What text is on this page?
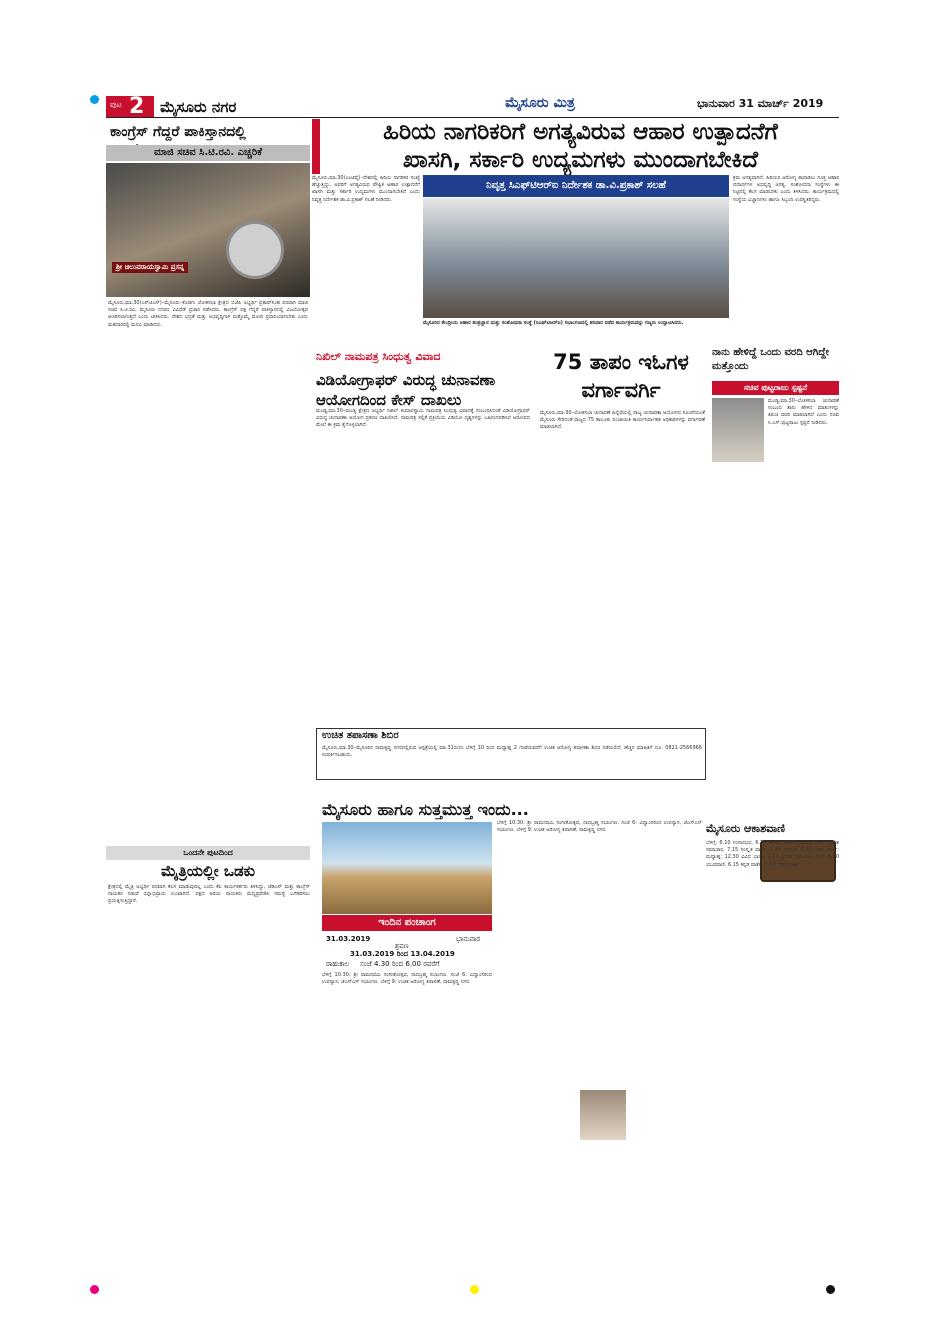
ಪುಟ 2 ಮೈಸೂರು ನಗರ	ಮೈಸೂರು ಮಿತ್ರ	ಭಾನುವಾರ 31 ಮಾರ್ಚ್ 2019
ಕಾಂಗ್ರೆಸ್ ಗೆದ್ದರೆ ಪಾಕಿಸ್ತಾನದಲ್ಲಿ
ಮಾಜಿ ಸಚಿವ ಸಿ.ಟಿ.ರವಿ. ಎಚ್ಚರಿಕೆ
ಶ್ರೀ ಚಿಲುವರಾಯಸ್ವಾಮಿ ಪ್ರಸನ್ನ
ಮೈಸೂರು,ಮಾ.30(ಎಸ್‌ಟಿಎಸ್)–ಮೈಸೂರು–ಕೊಡಗು ಲೋಕಸಭಾ ಕ್ಷೇತ್ರದ ಬಿಜೆಪಿ ಅಭ್ಯರ್ಥಿ ಪ್ರತಾಪ್‌ಸಿಂಹ ಪರವಾಗಿ ಮಾಜಿ ಸಚಿವ ಸಿ.ಟಿ.ರವಿ, ಮೈಸೂರು ನಗರದ ವಿವಿಧೆಡೆ ಪ್ರಚಾರ ನಡೆಸಿದರು. ಕಾಂಗ್ರೆಸ್ ಪಕ್ಷ ಗೆದ್ದರೆ ಪಾಕಿಸ್ತಾನದಲ್ಲಿ ವಿಜಯೋತ್ಸವ ಆಚರಿಸಲಾಗುತ್ತದೆ ಎಂದು ಟೀಕಿಸಿದರು. ದೇಶದ ಭದ್ರತೆ ಮತ್ತು ಅಭಿವೃದ್ಧಿಗಾಗಿ ಮತ್ತೊಮ್ಮೆ ಮೋದಿ ಪ್ರಧಾನಿಯಾಗಬೇಕು ಎಂದು ಮತದಾರರಲ್ಲಿ ಮನವಿ ಮಾಡಿದರು.
ಹಿರಿಯ ನಾಗರಿಕರಿಗೆ ಅಗತ್ಯವಿರುವ ಆಹಾರ ಉತ್ಪಾದನೆಗೆ
ಖಾಸಗಿ, ಸರ್ಕಾರಿ ಉದ್ಯಮಗಳು ಮುಂದಾಗಬೇಕಿದೆ
ಮೈಸೂರು,ಮಾ.30(ಎಂಟಿವೈ)–ದೇಶದಲ್ಲಿ ಹಿರಿಯ ನಾಗರಿಕರ ಸಂಖ್ಯೆ ಹೆಚ್ಚುತ್ತಿದ್ದು, ಅವರಿಗೆ ಅಗತ್ಯವಿರುವ ಪೌಷ್ಟಿಕ ಆಹಾರ ಉತ್ಪಾದನೆಗೆ ಖಾಸಗಿ ಮತ್ತು ಸರ್ಕಾರಿ ಉದ್ಯಮಗಳು ಮುಂದಾಗಬೇಕಿದೆ ಎಂದು ನಿವೃತ್ತ ನಿರ್ದೇಶಕ ಡಾ.ವಿ.ಪ್ರಕಾಶ್ ಸಲಹೆ ನೀಡಿದರು.
ನಿವೃತ್ತ ಸಿಎಫ್‌ಟಿಆರ್‌ಐ ನಿರ್ದೇಶಕ ಡಾ.ವಿ.ಪ್ರಕಾಶ್ ಸಲಹೆ
ಕ್ರಮ ಅಗತ್ಯವಾಗಿದೆ. ಹಿರಿಯರ ಆರೋಗ್ಯ ಕಾಪಾಡಲು ಸೂಕ್ತ ಆಹಾರ ಪದಾರ್ಥಗಳ ಅಭಿವೃದ್ಧಿ ಅಗತ್ಯ. ಸಂಶೋಧನಾ ಸಂಸ್ಥೆಗಳು ಈ ನಿಟ್ಟಿನಲ್ಲಿ ಕೆಲಸ ಮಾಡಬೇಕು ಎಂದು ತಿಳಿಸಿದರು. ಕಾರ್ಯಕ್ರಮದಲ್ಲಿ ಸಂಸ್ಥೆಯ ವಿಜ್ಞಾನಿಗಳು ಹಾಗೂ ಸಿಬ್ಬಂದಿ ಉಪಸ್ಥಿತರಿದ್ದರು.
ಮೈಸೂರಿನ ಕೇಂದ್ರೀಯ ಆಹಾರ ತಂತ್ರಜ್ಞಾನ ಮತ್ತು ಸಂಶೋಧನಾ ಸಂಸ್ಥೆ (ಸಿಎಫ್‌ಟಿಆರ್‌ಐ) ಸಭಾಂಗಣದಲ್ಲಿ ಶನಿವಾರ ನಡೆದ ಕಾರ್ಯಕ್ರಮವನ್ನು ಗಣ್ಯರು ಉದ್ಘಾಟಿಸಿದರು.
ನಿಖಿಲ್ ನಾಮಪತ್ರ ಸಿಂಧುತ್ವ ವಿವಾದ
ವಿಡಿಯೋಗ್ರಾಫರ್ ವಿರುದ್ಧ ಚುನಾವಣಾ ಆಯೋಗದಿಂದ ಕೇಸ್ ದಾಖಲು
ಮಂಡ್ಯ,ಮಾ.30–ಮಂಡ್ಯ ಕ್ಷೇತ್ರದ ಅಭ್ಯರ್ಥಿ ನಿಖಿಲ್ ಕುಮಾರಸ್ವಾಮಿ ನಾಮಪತ್ರ ಸಿಂಧುತ್ವ ವಿವಾದಕ್ಕೆ ಸಂಬಂಧಿಸಿದಂತೆ ವಿಡಿಯೋಗ್ರಾಫರ್ ವಿರುದ್ಧ ಚುನಾವಣಾ ಆಯೋಗ ಪ್ರಕರಣ ದಾಖಲಿಸಿದೆ. ನಾಮಪತ್ರ ಸಲ್ಲಿಕೆ ಪ್ರಕ್ರಿಯೆಯ ವಿಡಿಯೋ ದೃಶ್ಯಗಳನ್ನು ಬಹಿರಂಗಪಡಿಸಿದ ಆರೋಪದ ಮೇಲೆ ಈ ಕ್ರಮ ಕೈಗೊಳ್ಳಲಾಗಿದೆ.
75 ತಾಪಂ ಇಓಗಳ ವರ್ಗಾವರ್ಗಿ
ಮೈಸೂರು,ಮಾ.30–ಲೋಕಸಭಾ ಚುನಾವಣೆ ಹಿನ್ನೆಲೆಯಲ್ಲಿ ರಾಜ್ಯ ಚುನಾವಣಾ ಆಯೋಗದ ಸೂಚನೆಯಂತೆ ಮೈಸೂರು ಸೇರಿದಂತೆ ರಾಜ್ಯದ 75 ತಾಲೂಕು ಪಂಚಾಯಿತಿ ಕಾರ್ಯನಿರ್ವಾಹಕ ಅಧಿಕಾರಿಗಳನ್ನು ವರ್ಗಾವಣೆ ಮಾಡಲಾಗಿದೆ.
ನಾನು ಹೇಳಿದ್ದೆ ಒಂದು ವರದಿ ಆಗಿದ್ದೇ ಮತ್ತೊಂದು
ಸಚಿವ ಪುಟ್ಟರಾಜು ಸ್ಪಷ್ಟನೆ
ಮಂಡ್ಯ,ಮಾ.30–ಲೋಕಸಭಾ ಚುನಾವಣೆ ಸಂಬಂಧ ತಾನು ಹೇಳಿದ ಮಾತುಗಳನ್ನು ತಿರುಚಿ ವರದಿ ಮಾಡಲಾಗಿದೆ ಎಂದು ಸಚಿವ ಸಿ.ಎಸ್.ಪುಟ್ಟರಾಜು ಸ್ಪಷ್ಟನೆ ನೀಡಿದರು.
ಉಚಿತ ತಪಾಸಣಾ ಶಿಬಿರ
ಮೈಸೂರು,ಮಾ.30–ಮೈಸೂರಿನ ರಾಮಕೃಷ್ಣ ನಗರದಲ್ಲಿರುವ ಆಸ್ಪತ್ರೆಯಲ್ಲಿ ಮಾ.31ರಂದು ಬೆಳಿಗ್ಗೆ 10 ರಿಂದ ಮಧ್ಯಾಹ್ನ 2 ಗಂಟೆಯವರೆಗೆ ಉಚಿತ ಆರೋಗ್ಯ ತಪಾಸಣಾ ಶಿಬಿರ ನಡೆಯಲಿದೆ. ಹೆಚ್ಚಿನ ಮಾಹಿತಿಗೆ ದೂ: 0821-2566966 ಸಂಪರ್ಕಿಸಬಹುದು.
ಒಂದನೇ ಪುಟದಿಂದ
ಮೈತ್ರಿಯಲ್ಲೀ ಒಡಕು
ಕ್ಷೇತ್ರದಲ್ಲಿ ಮೈತ್ರಿ ಅಭ್ಯರ್ಥಿ ಪರವಾಗಿ ಕೆಲಸ ಮಾಡುವುದಿಲ್ಲ ಎಂದು ಕೆಲ ಕಾರ್ಯಕರ್ತರು ತಿಳಿಸಿದ್ದು, ಜೆಡಿಎಸ್ ಮತ್ತು ಕಾಂಗ್ರೆಸ್ ನಾಯಕರ ನಡುವೆ ಭಿನ್ನಾಭಿಪ್ರಾಯ ಉಂಟಾಗಿದೆ. ಪಕ್ಷದ ಹಿರಿಯ ನಾಯಕರು ಮಧ್ಯಪ್ರವೇಶಿಸಿ ಸಮಸ್ಯೆ ಬಗೆಹರಿಸಲು ಪ್ರಯತ್ನಿಸುತ್ತಿದ್ದಾರೆ.
ಮೈಸೂರು ಹಾಗೂ ಸುತ್ತಮುತ್ತ ಇಂದು...
ಇಂದಿನ ಪಂಚಾಂಗ
31.03.2019	ಭಾನುವಾರ
ಶ್ರವಣ
31.03.2019 ರಿಂದ 13.04.2019
ರಾಹುಕಾಲ ಸಂಜೆ 4.30 ರಿಂದ 6.00 ರವರೆಗೆ
ಬೆಳಿಗ್ಗೆ 10.30: ಶ್ರೀ ರಾಮನವಮಿ ಸಂಗೀತೋತ್ಸವ, ನಾದಬ್ರಹ್ಮ ಸಭಾಂಗಣ. ಸಂಜೆ 6: ವಿದ್ವಾಂಸರಿಂದ ಉಪನ್ಯಾಸ, ಜೆಎಸ್‌ಎಸ್ ಸಭಾಂಗಣ. ಬೆಳಿಗ್ಗೆ 9: ಉಚಿತ ಆರೋಗ್ಯ ತಪಾಸಣೆ, ರಾಮಕೃಷ್ಣ ನಗರ.
ಬೆಳಿಗ್ಗೆ 10.30: ಶ್ರೀ ರಾಮನವಮಿ ಸಂಗೀತೋತ್ಸವ, ನಾದಬ್ರಹ್ಮ ಸಭಾಂಗಣ. ಸಂಜೆ 6: ವಿದ್ವಾಂಸರಿಂದ ಉಪನ್ಯಾಸ, ಜೆಎಸ್‌ಎಸ್ ಸಭಾಂಗಣ. ಬೆಳಿಗ್ಗೆ 9: ಉಚಿತ ಆರೋಗ್ಯ ತಪಾಸಣೆ, ರಾಮಕೃಷ್ಣ ನಗರ.	ಮೈಸೂರು ಆಕಾಶವಾಣಿ
ಬೆಳಿಗ್ಗೆ: 6.10 ಗಂಗಾರಭವ, 6.30 ಚಿಂತನ, 6.40 ಕೃಷಿರಂಗ, 6.45 ಪ್ರದೇಶ ಸಮಾಚಾರ, 7.15 ಸಂಸ್ಕೃತ ವಾರ್ತೆ, 7.35 ಚಿತ್ರಗೀತೆ, 8.45 ದೆಹಲಿ ವಾರ್ತೆ. ಮಧ್ಯಾಹ್ನ: 12.30 ವಿವಿಧ ಭಾರತಿ, 1.00 ಪ್ರದೇಶ ಸಮಾಚಾರ. ಸಂಜೆ: 5.00 ಯುವವಾಣಿ, 6.15 ಕನ್ನಡ ವಾರ್ತೆ, 7.00 ದೆಹಲಿ ವಾರ್ತೆ.
